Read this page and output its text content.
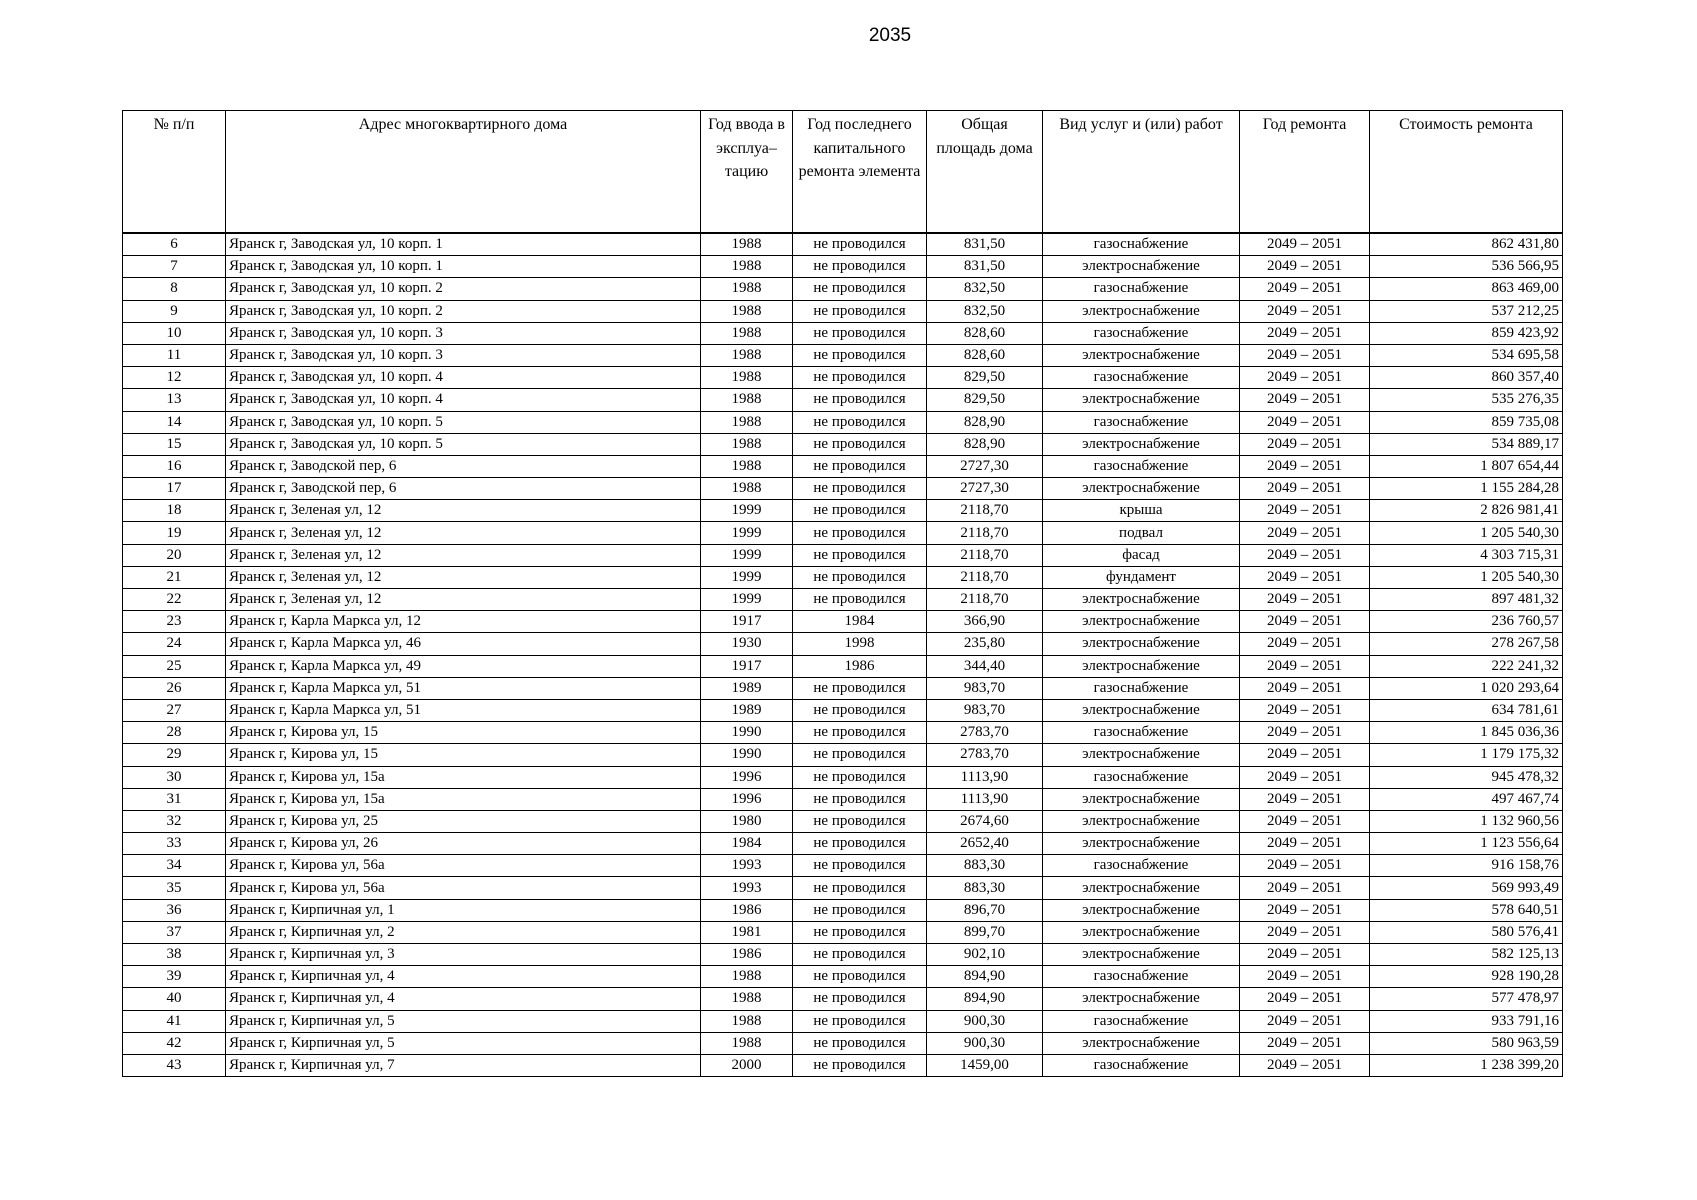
2035
№ п/п	Адрес многоквартирного дома	Год ввода в эксплуа– тацию	Год последнего капитального ремонта элемента	Общая площадь дома	Вид услуг и (или) работ	Год ремонта	Стоимость ремонта
6	Яранск г, Заводская ул, 10 корп. 1	1988	не проводился	831,50	газоснабжение	2049 – 2051	862 431,80
7	Яранск г, Заводская ул, 10 корп. 1	1988	не проводился	831,50	электроснабжение	2049 – 2051	536 566,95
8	Яранск г, Заводская ул, 10 корп. 2	1988	не проводился	832,50	газоснабжение	2049 – 2051	863 469,00
9	Яранск г, Заводская ул, 10 корп. 2	1988	не проводился	832,50	электроснабжение	2049 – 2051	537 212,25
10	Яранск г, Заводская ул, 10 корп. 3	1988	не проводился	828,60	газоснабжение	2049 – 2051	859 423,92
11	Яранск г, Заводская ул, 10 корп. 3	1988	не проводился	828,60	электроснабжение	2049 – 2051	534 695,58
12	Яранск г, Заводская ул, 10 корп. 4	1988	не проводился	829,50	газоснабжение	2049 – 2051	860 357,40
13	Яранск г, Заводская ул, 10 корп. 4	1988	не проводился	829,50	электроснабжение	2049 – 2051	535 276,35
14	Яранск г, Заводская ул, 10 корп. 5	1988	не проводился	828,90	газоснабжение	2049 – 2051	859 735,08
15	Яранск г, Заводская ул, 10 корп. 5	1988	не проводился	828,90	электроснабжение	2049 – 2051	534 889,17
16	Яранск г, Заводской пер, 6	1988	не проводился	2727,30	газоснабжение	2049 – 2051	1 807 654,44
17	Яранск г, Заводской пер, 6	1988	не проводился	2727,30	электроснабжение	2049 – 2051	1 155 284,28
18	Яранск г, Зеленая ул, 12	1999	не проводился	2118,70	крыша	2049 – 2051	2 826 981,41
19	Яранск г, Зеленая ул, 12	1999	не проводился	2118,70	подвал	2049 – 2051	1 205 540,30
20	Яранск г, Зеленая ул, 12	1999	не проводился	2118,70	фасад	2049 – 2051	4 303 715,31
21	Яранск г, Зеленая ул, 12	1999	не проводился	2118,70	фундамент	2049 – 2051	1 205 540,30
22	Яранск г, Зеленая ул, 12	1999	не проводился	2118,70	электроснабжение	2049 – 2051	897 481,32
23	Яранск г, Карла Маркса ул, 12	1917	1984	366,90	электроснабжение	2049 – 2051	236 760,57
24	Яранск г, Карла Маркса ул, 46	1930	1998	235,80	электроснабжение	2049 – 2051	278 267,58
25	Яранск г, Карла Маркса ул, 49	1917	1986	344,40	электроснабжение	2049 – 2051	222 241,32
26	Яранск г, Карла Маркса ул, 51	1989	не проводился	983,70	газоснабжение	2049 – 2051	1 020 293,64
27	Яранск г, Карла Маркса ул, 51	1989	не проводился	983,70	электроснабжение	2049 – 2051	634 781,61
28	Яранск г, Кирова ул, 15	1990	не проводился	2783,70	газоснабжение	2049 – 2051	1 845 036,36
29	Яранск г, Кирова ул, 15	1990	не проводился	2783,70	электроснабжение	2049 – 2051	1 179 175,32
30	Яранск г, Кирова ул, 15а	1996	не проводился	1113,90	газоснабжение	2049 – 2051	945 478,32
31	Яранск г, Кирова ул, 15а	1996	не проводился	1113,90	электроснабжение	2049 – 2051	497 467,74
32	Яранск г, Кирова ул, 25	1980	не проводился	2674,60	электроснабжение	2049 – 2051	1 132 960,56
33	Яранск г, Кирова ул, 26	1984	не проводился	2652,40	электроснабжение	2049 – 2051	1 123 556,64
34	Яранск г, Кирова ул, 56а	1993	не проводился	883,30	газоснабжение	2049 – 2051	916 158,76
35	Яранск г, Кирова ул, 56а	1993	не проводился	883,30	электроснабжение	2049 – 2051	569 993,49
36	Яранск г, Кирпичная ул, 1	1986	не проводился	896,70	электроснабжение	2049 – 2051	578 640,51
37	Яранск г, Кирпичная ул, 2	1981	не проводился	899,70	электроснабжение	2049 – 2051	580 576,41
38	Яранск г, Кирпичная ул, 3	1986	не проводился	902,10	электроснабжение	2049 – 2051	582 125,13
39	Яранск г, Кирпичная ул, 4	1988	не проводился	894,90	газоснабжение	2049 – 2051	928 190,28
40	Яранск г, Кирпичная ул, 4	1988	не проводился	894,90	электроснабжение	2049 – 2051	577 478,97
41	Яранск г, Кирпичная ул, 5	1988	не проводился	900,30	газоснабжение	2049 – 2051	933 791,16
42	Яранск г, Кирпичная ул, 5	1988	не проводился	900,30	электроснабжение	2049 – 2051	580 963,59
43	Яранск г, Кирпичная ул, 7	2000	не проводился	1459,00	газоснабжение	2049 – 2051	1 238 399,20
